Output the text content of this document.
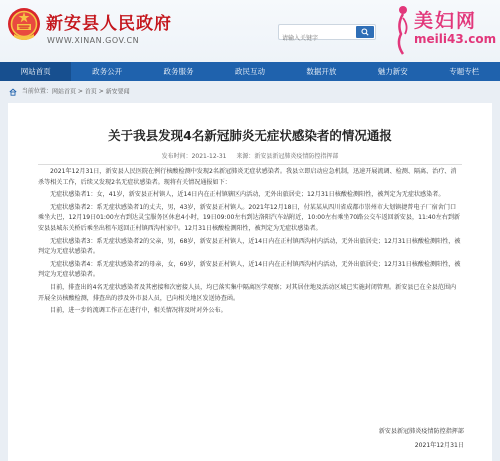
新安县人民政府
WWW.XINAN.GOV.CN
请输入关键字
美妇网
meili43.com
网站首页	政务公开	政务服务	政民互动	数据开放	魅力新安	专题专栏
当前位置：网站首页 > 首页 > 新安要闻
关于我县发现4名新冠肺炎无症状感染者的情况通报
发布时间：2021-12-31 来源：新安县新冠肺炎疫情防控指挥部

2021年12月31日，新安县人民医院在例行核酸检测中发现2名新冠肺炎无症状感染者。我县立即启动应急机制，迅速开展流调、检测、隔离、治疗、消杀等相关工作，后续又发现2名无症状感染者。现将有关情况通报如下：

无症状感染者1：女，41岁，新安县正村镇人，近14日内在正村镇辖区内活动，无外出旅居史；12月31日核酸检测阳性，被判定为无症状感染者。

无症状感染者2：系无症状感染者1的丈夫，男，43岁，新安县正村镇人。2021年12月18日，付某某从四川省成都市崇州市大划镇捷普电子厂宿舍门口乘坐大巴，12月19日01:00左右到达灵宝服务区休息4小时，19日09:00左右到达洛阳汽车站附近，10:00左右乘坐70路公交车返回新安县，11:40左右到新安县县城东关桥后乘坐出租车返回正村镇西沟村家中。12月31日核酸检测阳性，被判定为无症状感染者。

无症状感染者3：系无症状感染者2的父亲，男，68岁，新安县正村镇人，近14日内在正村镇西沟村内活动，无外出旅居史；12月31日核酸检测阳性，被判定为无症状感染者。

无症状感染者4：系无症状感染者2的母亲，女，69岁，新安县正村镇人，近14日内在正村镇西沟村内活动，无外出旅居史；12月31日核酸检测阳性，被判定为无症状感染者。

目前，排查出的4名无症状感染者及其密接和次密接人员，均已落实集中隔离医学观察；对其居住地及活动区域已实施封闭管理。新安县已在全县范围内开展全员核酸检测，排查出的涉及外市县人员，已向相关地区发送协查函。

目前，进一步的流调工作正在进行中，相关情况将及时对外公布。

新安县新冠肺炎疫情防控指挥部
2021年12月31日
